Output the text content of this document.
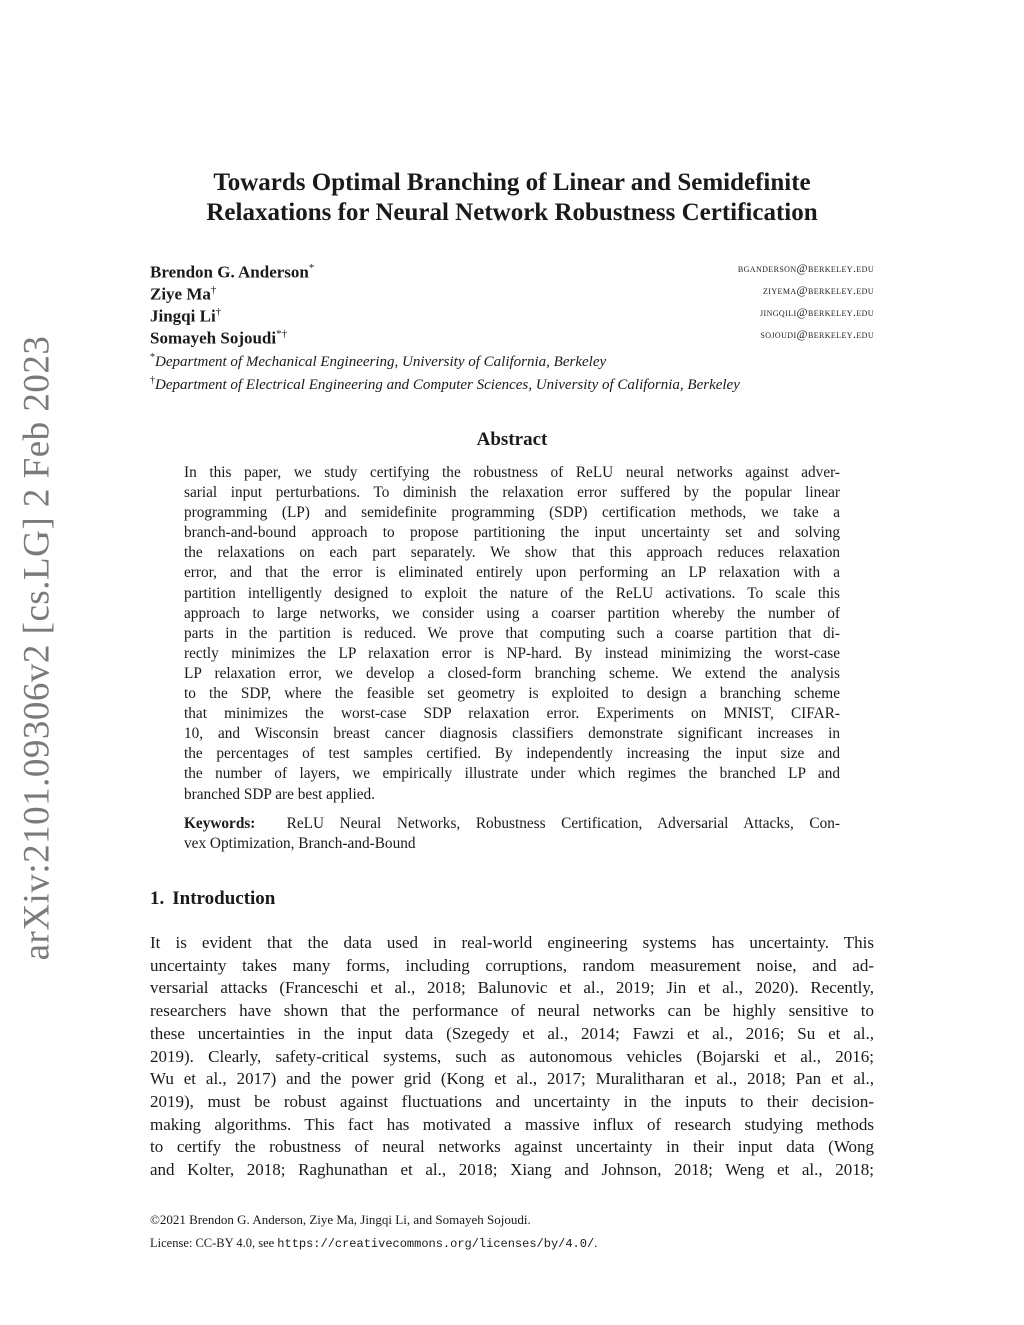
arXiv:2101.09306v2 [cs.LG] 2 Feb 2023
Towards Optimal Branching of Linear and Semidefinite
Relaxations for Neural Network Robustness Certification
Brendon G. Anderson*	bganderson@berkeley.edu
Ziye Ma†	ziyema@berkeley.edu
Jingqi Li†	jingqili@berkeley.edu
Somayeh Sojoudi*†	sojoudi@berkeley.edu
*Department of Mechanical Engineering, University of California, Berkeley
†Department of Electrical Engineering and Computer Sciences, University of California, Berkeley
Abstract
In this paper, we study certifying the robustness of ReLU neural networks against adver-
sarial input perturbations. To diminish the relaxation error suffered by the popular linear
programming (LP) and semidefinite programming (SDP) certification methods, we take a
branch-and-bound approach to propose partitioning the input uncertainty set and solving
the relaxations on each part separately. We show that this approach reduces relaxation
error, and that the error is eliminated entirely upon performing an LP relaxation with a
partition intelligently designed to exploit the nature of the ReLU activations. To scale this
approach to large networks, we consider using a coarser partition whereby the number of
parts in the partition is reduced. We prove that computing such a coarse partition that di-
rectly minimizes the LP relaxation error is NP-hard. By instead minimizing the worst-case
LP relaxation error, we develop a closed-form branching scheme. We extend the analysis
to the SDP, where the feasible set geometry is exploited to design a branching scheme
that minimizes the worst-case SDP relaxation error. Experiments on MNIST, CIFAR-
10, and Wisconsin breast cancer diagnosis classifiers demonstrate significant increases in
the percentages of test samples certified. By independently increasing the input size and
the number of layers, we empirically illustrate under which regimes the branched LP and
branched SDP are best applied.
Keywords: ReLU Neural Networks, Robustness Certification, Adversarial Attacks, Con-
vex Optimization, Branch-and-Bound
1. Introduction
It is evident that the data used in real-world engineering systems has uncertainty. This
uncertainty takes many forms, including corruptions, random measurement noise, and ad-
versarial attacks (Franceschi et al., 2018; Balunovic et al., 2019; Jin et al., 2020). Recently,
researchers have shown that the performance of neural networks can be highly sensitive to
these uncertainties in the input data (Szegedy et al., 2014; Fawzi et al., 2016; Su et al.,
2019). Clearly, safety-critical systems, such as autonomous vehicles (Bojarski et al., 2016;
Wu et al., 2017) and the power grid (Kong et al., 2017; Muralitharan et al., 2018; Pan et al.,
2019), must be robust against fluctuations and uncertainty in the inputs to their decision-
making algorithms. This fact has motivated a massive influx of research studying methods
to certify the robustness of neural networks against uncertainty in their input data (Wong
and Kolter, 2018; Raghunathan et al., 2018; Xiang and Johnson, 2018; Weng et al., 2018;
©2021 Brendon G. Anderson, Ziye Ma, Jingqi Li, and Somayeh Sojoudi.
License: CC-BY 4.0, see https://creativecommons.org/licenses/by/4.0/.
